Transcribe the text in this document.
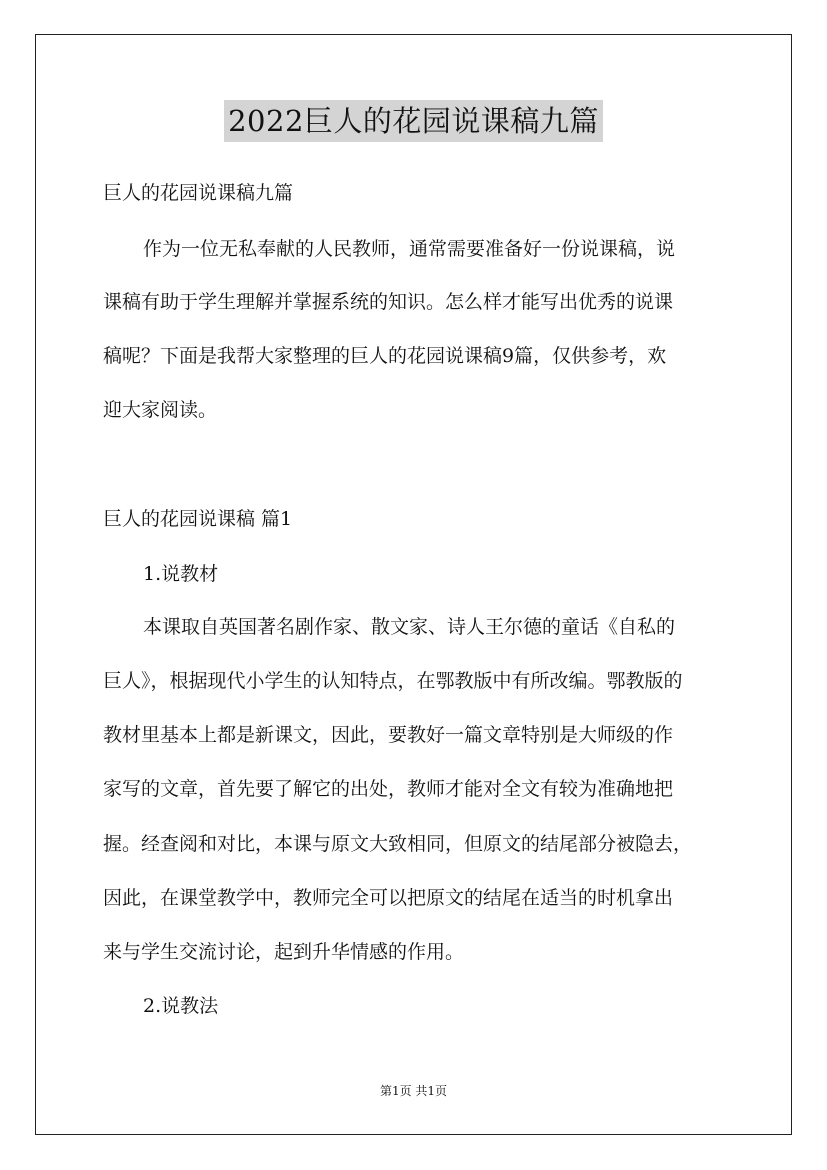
2022巨人的花园说课稿九篇
巨人的花园说课稿九篇
作为一位无私奉献的人民教师，通常需要准备好一份说课稿，说
课稿有助于学生理解并掌握系统的知识。怎么样才能写出优秀的说课
稿呢？下面是我帮大家整理的巨人的花园说课稿9篇，仅供参考，欢
迎大家阅读。
巨人的花园说课稿 篇1
1.说教材
本课取自英国著名剧作家、散文家、诗人王尔德的童话《自私的
巨人》，根据现代小学生的认知特点，在鄂教版中有所改编。鄂教版的
教材里基本上都是新课文，因此，要教好一篇文章特别是大师级的作
家写的文章，首先要了解它的出处，教师才能对全文有较为准确地把
握。经查阅和对比，本课与原文大致相同，但原文的结尾部分被隐去，
因此，在课堂教学中，教师完全可以把原文的结尾在适当的时机拿出
来与学生交流讨论，起到升华情感的作用。
2.说教法
第1页 共1页
